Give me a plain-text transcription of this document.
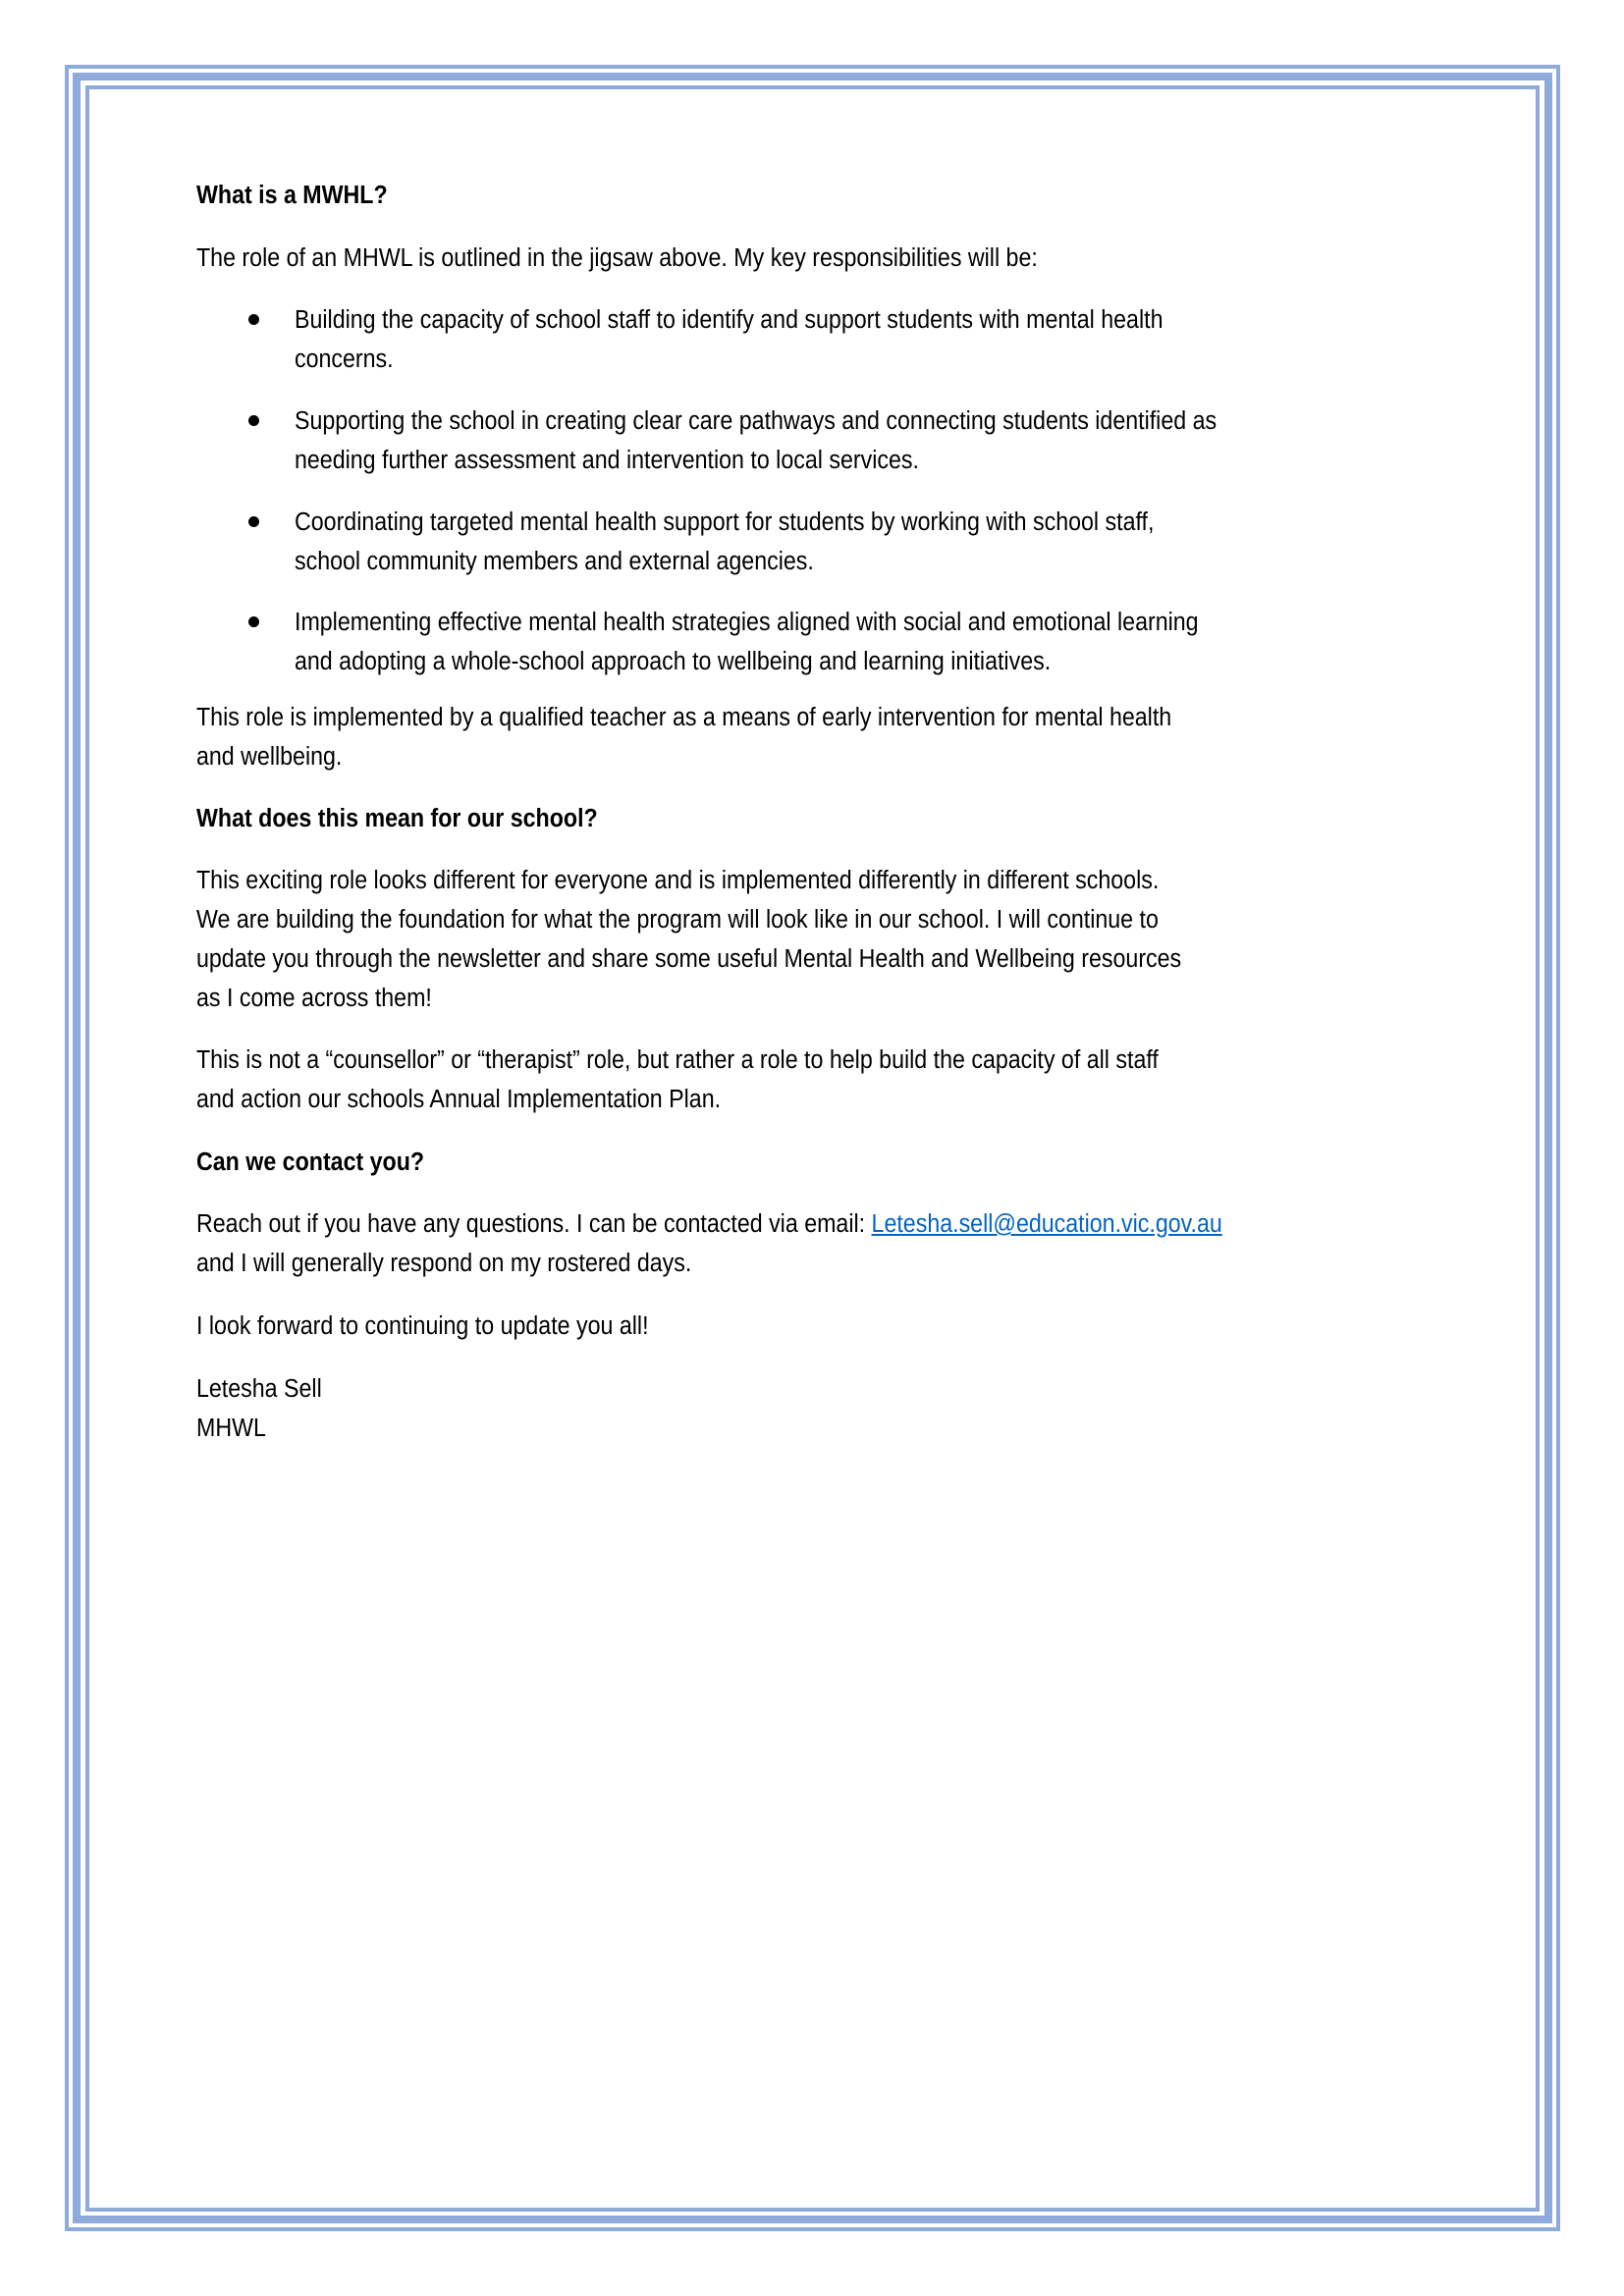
What is a MWHL?
The role of an MHWL is outlined in the jigsaw above. My key responsibilities will be:
Building the capacity of school staff to identify and support students with mental health
concerns.
Supporting the school in creating clear care pathways and connecting students identified as
needing further assessment and intervention to local services.
Coordinating targeted mental health support for students by working with school staff,
school community members and external agencies.
Implementing effective mental health strategies aligned with social and emotional learning
and adopting a whole-school approach to wellbeing and learning initiatives.
This role is implemented by a qualified teacher as a means of early intervention for mental health
and wellbeing.
What does this mean for our school?
This exciting role looks different for everyone and is implemented differently in different schools.
We are building the foundation for what the program will look like in our school. I will continue to
update you through the newsletter and share some useful Mental Health and Wellbeing resources
as I come across them!
This is not a “counsellor” or “therapist” role, but rather a role to help build the capacity of all staff
and action our schools Annual Implementation Plan.
Can we contact you?
Reach out if you have any questions. I can be contacted via email: Letesha.sell@education.vic.gov.au
and I will generally respond on my rostered days.
I look forward to continuing to update you all!
Letesha Sell
MHWL
